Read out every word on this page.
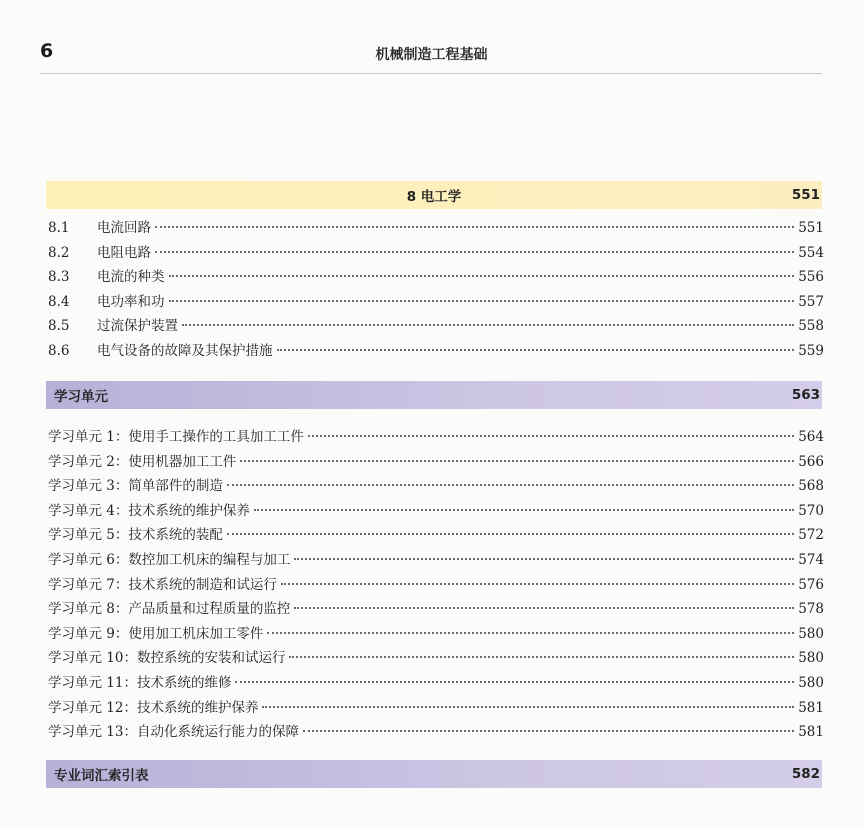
6	机械制造工程基础
8 电工学	551
8.1	电流回路	551
8.2	电阻电路	554
8.3	电流的种类	556
8.4	电功率和功	557
8.5	过流保护装置	558
8.6	电气设备的故障及其保护措施	559
学习单元	563
学习单元 1：使用手工操作的工具加工工件	564
学习单元 2：使用机器加工工件	566
学习单元 3：简单部件的制造	568
学习单元 4：技术系统的维护保养	570
学习单元 5：技术系统的装配	572
学习单元 6：数控加工机床的编程与加工	574
学习单元 7：技术系统的制造和试运行	576
学习单元 8：产品质量和过程质量的监控	578
学习单元 9：使用加工机床加工零件	580
学习单元 10：数控系统的安装和试运行	580
学习单元 11：技术系统的维修	580
学习单元 12：技术系统的维护保养	581
学习单元 13：自动化系统运行能力的保障	581
专业词汇索引表	582
